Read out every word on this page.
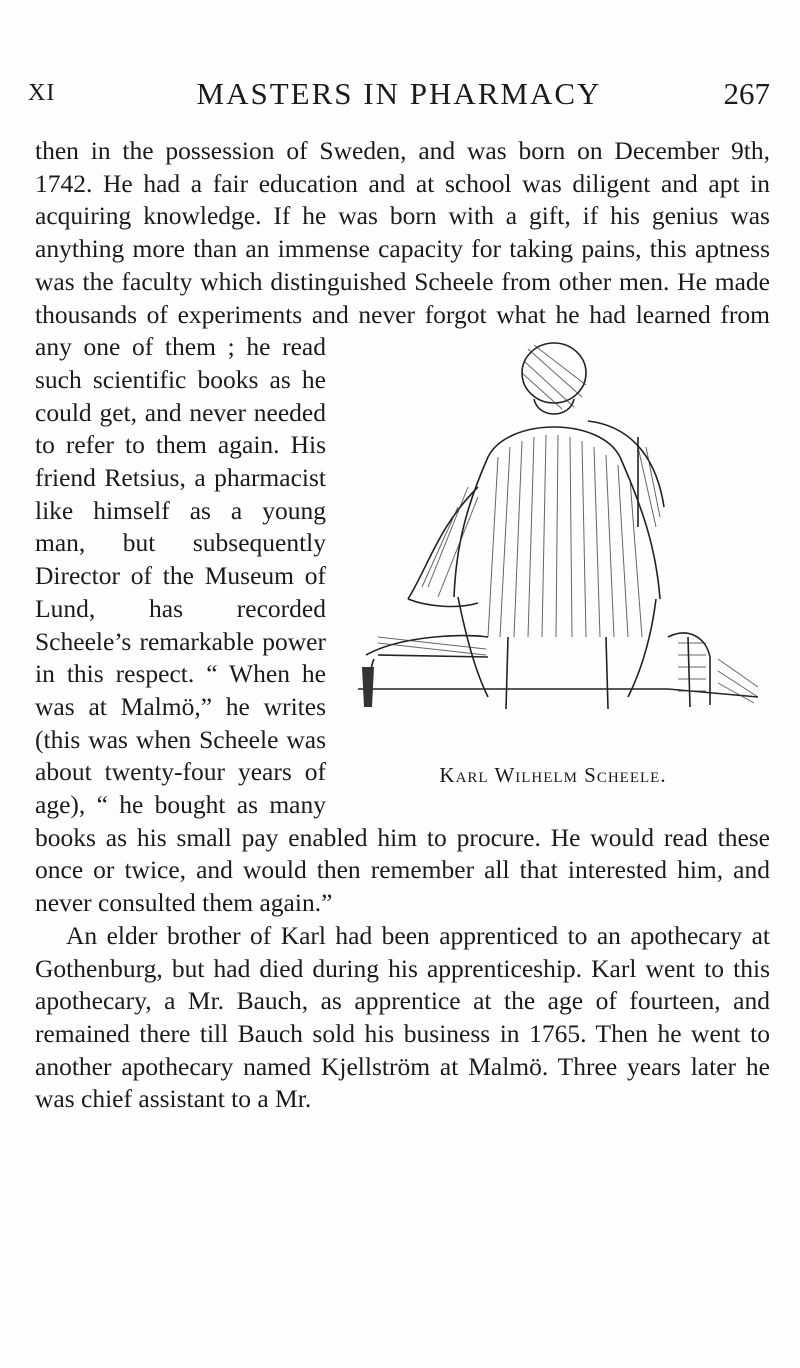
XI	MASTERS IN PHARMACY	267

then in the possession of Sweden, and was born on December 9th, 1742. He had a fair education and at school was diligent and apt in acquiring knowledge. If he was born with a gift, if his genius was anything more than an immense capacity for taking pains, this aptness was the faculty which distinguished Scheele from other men. He made thousands of experiments and never forgot what he had learned from any one of them ;
Karl Wilhelm Scheele.
he read such scientific books as he could get, and never needed to refer to them again. His friend Retsius, a pharmacist like himself as a young man, but subsequently Director of the Museum of Lund, has recorded Scheele’s remarkable power in this respect. “ When he was at Malmö,” he writes (this was when Scheele was about twenty-four years of age), “ he bought as many books as his small pay enabled him to procure. He would read these once or twice, and would then remember all that interested him, and never consulted them again.”

An elder brother of Karl had been apprenticed to an apothecary at Gothenburg, but had died during his apprenticeship. Karl went to this apothecary, a Mr. Bauch, as apprentice at the age of fourteen, and remained there till Bauch sold his business in 1765. Then he went to another apothecary named Kjellström at Malmö. Three years later he was chief assistant to a Mr.
